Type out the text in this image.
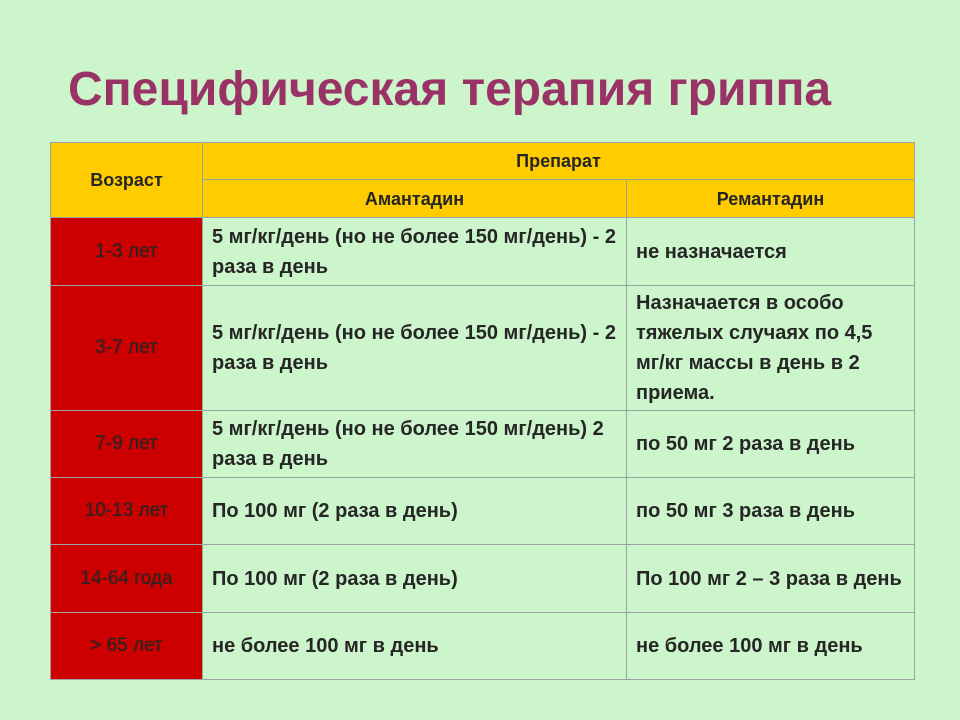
Специфическая терапия гриппа
Возраст	Препарат	
	Амантадин	Ремантадин
1-3 лет	5 мг/кг/день (но не более 150 мг/день) - 2 раза в день	не назначается
3-7 лет	5 мг/кг/день (но не более 150 мг/день) - 2 раза в день	Назначается в особо тяжелых случаях по 4,5 мг/кг массы в день в 2 приема.
7-9 лет	5 мг/кг/день (но не более 150 мг/день) 2 раза в день	по 50 мг 2 раза в день
10-13 лет	По 100 мг (2 раза в день)	по 50 мг 3 раза в день
14-64 года	По 100 мг (2 раза в день)	По 100 мг 2 – 3 раза в день
> 65 лет	не более 100 мг в день	не более 100 мг в день
